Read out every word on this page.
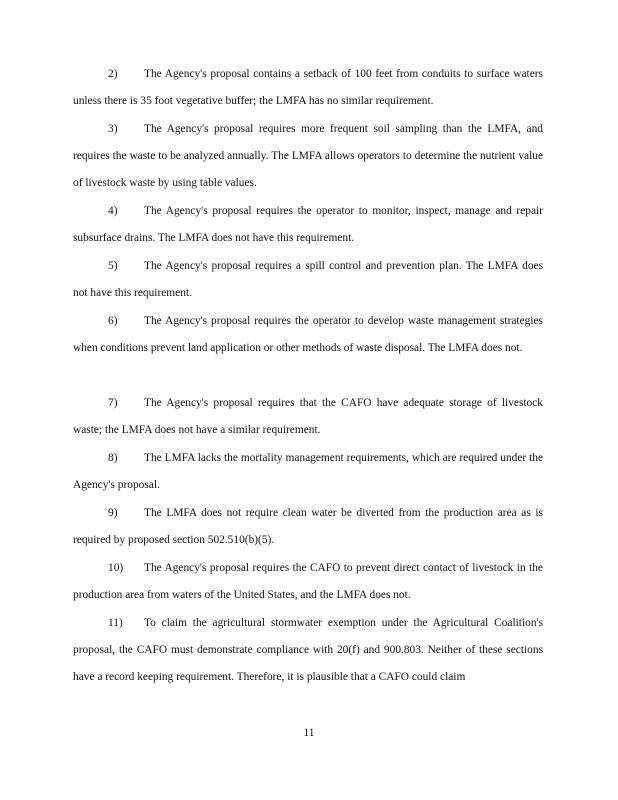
2) The Agency's proposal contains a setback of 100 feet from conduits to surface waters unless there is 35 foot vegetative buffer; the LMFA has no similar requirement.
3) The Agency's proposal requires more frequent soil sampling than the LMFA, and requires the waste to be analyzed annually. The LMFA allows operators to determine the nutrient value of livestock waste by using table values.
4) The Agency's proposal requires the operator to monitor, inspect, manage and repair subsurface drains. The LMFA does not have this requirement.
5) The Agency's proposal requires a spill control and prevention plan. The LMFA does not have this requirement.
6) The Agency's proposal requires the operator to develop waste management strategies when conditions prevent land application or other methods of waste disposal. The LMFA does not.
7) The Agency's proposal requires that the CAFO have adequate storage of livestock waste; the LMFA does not have a similar requirement.
8) The LMFA lacks the mortality management requirements, which are required under the Agency's proposal.
9) The LMFA does not require clean water be diverted from the production area as is required by proposed section 502.510(b)(5).
10) The Agency's proposal requires the CAFO to prevent direct contact of livestock in the production area from waters of the United States, and the LMFA does not.
11) To claim the agricultural stormwater exemption under the Agricultural Coalition's proposal, the CAFO must demonstrate compliance with 20(f) and 900.803. Neither of these sections have a record keeping requirement. Therefore, it is plausible that a CAFO could claim
11
